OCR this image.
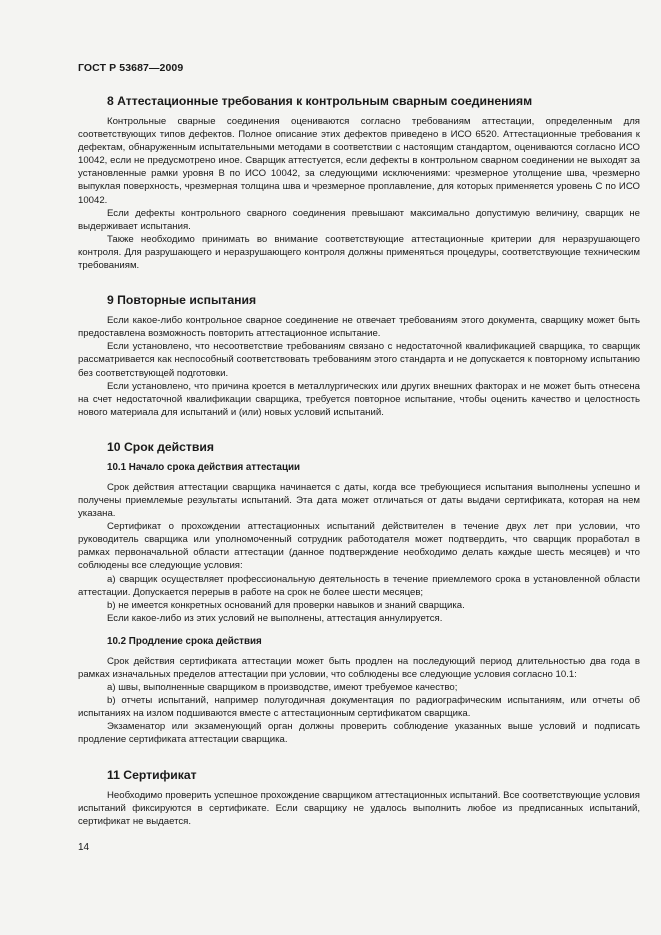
ГОСТ Р 53687—2009
8 Аттестационные требования к контрольным сварным соединениям

Контрольные сварные соединения оцениваются согласно требованиям аттестации, определенным для соответствующих типов дефектов. Полное описание этих дефектов приведено в ИСО 6520. Аттестационные требования к дефектам, обнаруженным испытательными методами в соответствии с настоящим стандартом, оцениваются согласно ИСО 10042, если не предусмотрено иное. Сварщик аттестуется, если дефекты в контрольном сварном соединении не выходят за установленные рамки уровня В по ИСО 10042, за следующими исключениями: чрезмерное утолщение шва, чрезмерно выпуклая поверхность, чрезмерная толщина шва и чрезмерное проплавление, для которых применяется уровень С по ИСО 10042.

Если дефекты контрольного сварного соединения превышают максимально допустимую величину, сварщик не выдерживает испытания.

Также необходимо принимать во внимание соответствующие аттестационные критерии для неразрушающего контроля. Для разрушающего и неразрушающего контроля должны применяться процедуры, соответствующие техническим требованиям.

9 Повторные испытания

Если какое-либо контрольное сварное соединение не отвечает требованиям этого документа, сварщику может быть предоставлена возможность повторить аттестационное испытание.

Если установлено, что несоответствие требованиям связано с недостаточной квалификацией сварщика, то сварщик рассматривается как неспособный соответствовать требованиям этого стандарта и не допускается к повторному испытанию без соответствующей подготовки.

Если установлено, что причина кроется в металлургических или других внешних факторах и не может быть отнесена на счет недостаточной квалификации сварщика, требуется повторное испытание, чтобы оценить качество и целостность нового материала для испытаний и (или) новых условий испытаний.

10 Срок действия
10.1 Начало срока действия аттестации

Срок действия аттестации сварщика начинается с даты, когда все требующиеся испытания выполнены успешно и получены приемлемые результаты испытаний. Эта дата может отличаться от даты выдачи сертификата, которая на нем указана.

Сертификат о прохождении аттестационных испытаний действителен в течение двух лет при условии, что руководитель сварщика или уполномоченный сотрудник работодателя может подтвердить, что сварщик проработал в рамках первоначальной области аттестации (данное подтверждение необходимо делать каждые шесть месяцев) и что соблюдены все следующие условия:

а) сварщик осуществляет профессиональную деятельность в течение приемлемого срока в установленной области аттестации. Допускается перерыв в работе на срок не более шести месяцев;

b) не имеется конкретных оснований для проверки навыков и знаний сварщика.

Если какое-либо из этих условий не выполнены, аттестация аннулируется.

10.2 Продление срока действия

Срок действия сертификата аттестации может быть продлен на последующий период длительностью два года в рамках изначальных пределов аттестации при условии, что соблюдены все следующие условия согласно 10.1:

а) швы, выполненные сварщиком в производстве, имеют требуемое качество;

b) отчеты испытаний, например полугодичная документация по радиографическим испытаниям, или отчеты об испытаниях на излом подшиваются вместе с аттестационным сертификатом сварщика.

Экзаменатор или экзаменующий орган должны проверить соблюдение указанных выше условий и подписать продление сертификата аттестации сварщика.

11 Сертификат

Необходимо проверить успешное прохождение сварщиком аттестационных испытаний. Все соответствующие условия испытаний фиксируются в сертификате. Если сварщику не удалось выполнить любое из предписанных испытаний, сертификат не выдается.

14
